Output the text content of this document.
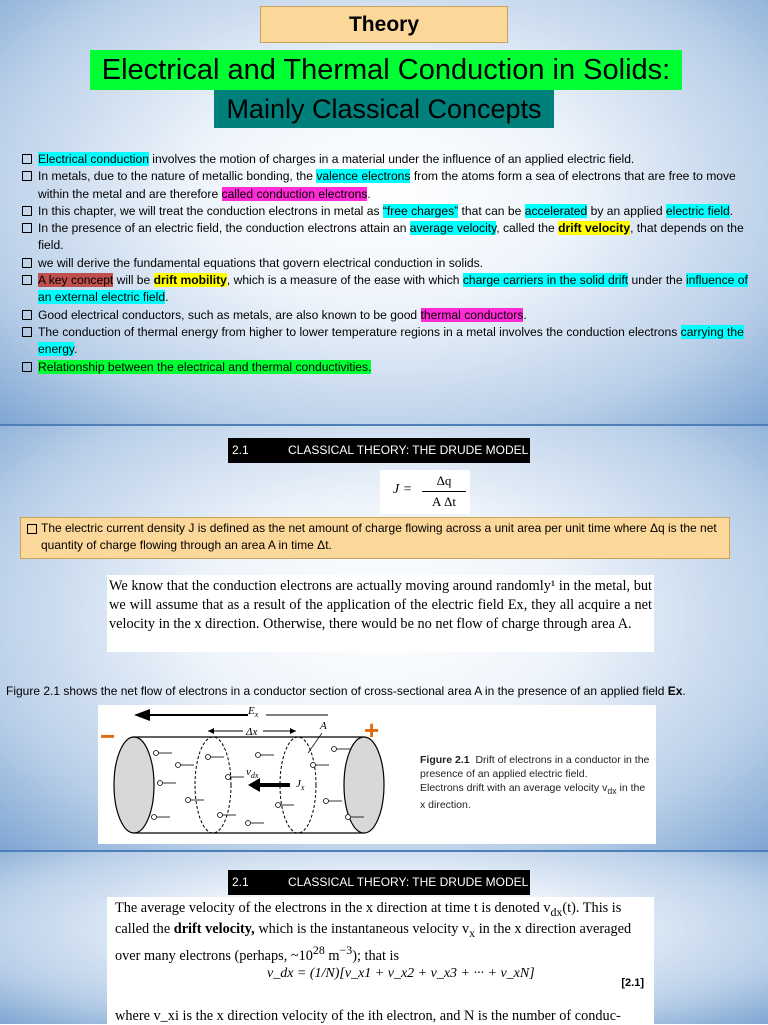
Theory
Electrical and Thermal Conduction in Solids:
Mainly Classical Concepts
Electrical conduction involves the motion of charges in a material under the influence of an applied electric field.
In metals, due to the nature of metallic bonding, the valence electrons from the atoms form a sea of electrons that are free to move within the metal and are therefore called conduction electrons.
In this chapter, we will treat the conduction electrons in metal as “free charges” that can be accelerated by an applied electric field.
In the presence of an electric field, the conduction electrons attain an average velocity, called the drift velocity, that depends on the field.
we will derive the fundamental equations that govern electrical conduction in solids.
A key concept will be drift mobility, which is a measure of the ease with which charge carriers in the solid drift under the influence of an external electric field.
Good electrical conductors, such as metals, are also known to be good thermal conductors.
The conduction of thermal energy from higher to lower temperature regions in a metal involves the conduction electrons carrying the energy.
Relationship between the electrical and thermal conductivities.
2.1	CLASSICAL THEORY: THE DRUDE MODEL
J =
Δq
A Δt
The electric current density J is defined as the net amount of charge flowing across a unit area per unit time where Δq is the net quantity of charge flowing through an area A in time Δt.
We know that the conduction electrons are actually moving around randomly¹ in the metal, but we will assume that as a result of the application of the electric field Ex, they all acquire a net velocity in the x direction. Otherwise, there would be no net flow of charge through area A.
Figure 2.1 shows the net flow of electrons in a conductor section of cross-sectional area A in the presence of an applied field Ex.
$E_x$
Δx	A
$v_{dx}$
$J_x$
−	+
Figure 2.1 Drift of electrons in a conductor in the presence of an applied electric field.
Electrons drift with an average velocity $v_{dx}$ in the x direction.
2.1	CLASSICAL THEORY: THE DRUDE MODEL
The average velocity of the electrons in the x direction at time t is denoted $v_{dx}(t)$. This is called the drift velocity, which is the instantaneous velocity $v_x$ in the x direction averaged over many electrons (perhaps, $\sim 10^{28}$ $m^{-3}$); that is
v_dx = (1/N)[v_x1 + v_x2 + v_x3 + ··· + v_xN]
[2.1]
where v_xi is the x direction velocity of the ith electron, and N is the number of conduc-
